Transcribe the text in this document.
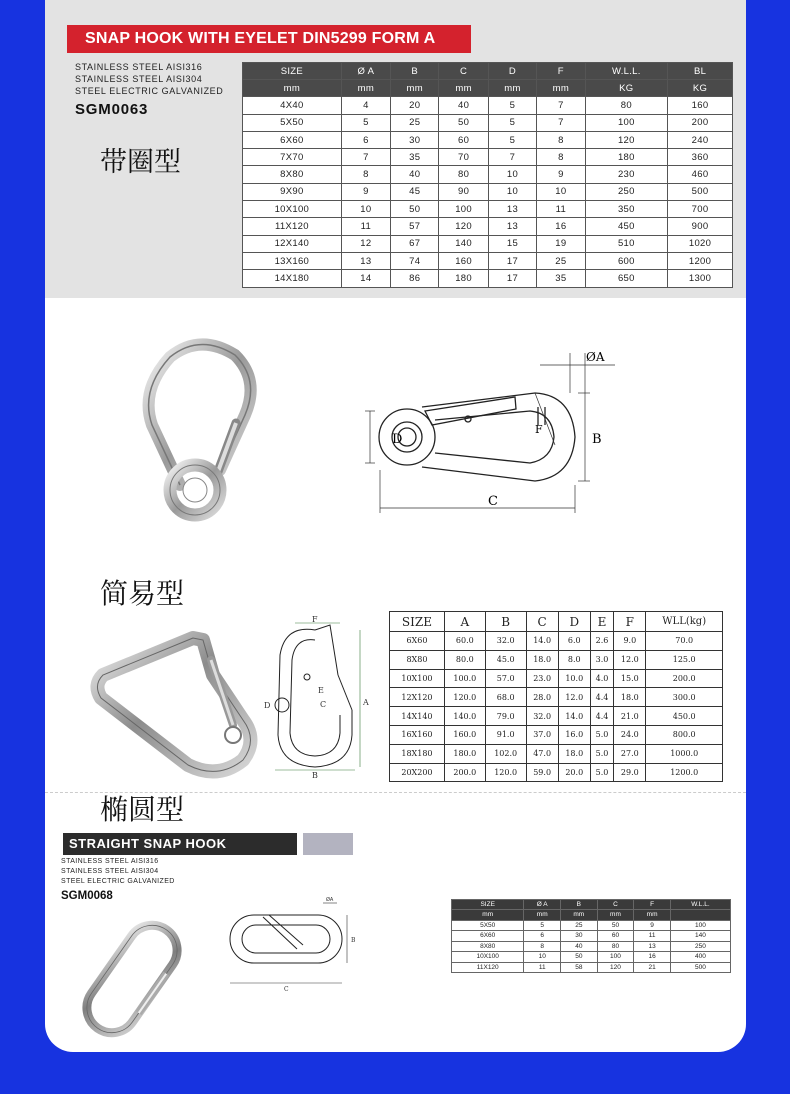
SNAP HOOK WITH EYELET DIN5299 FORM A
STAINLESS STEEL AISI316
STAINLESS STEEL AISI304
STEEL ELECTRIC GALVANIZED
SGM0063
带圈型
SIZE	Ø A	B	C	D	F	W.L.L.	BL
mm	mm	mm	mm	mm	mm	KG	KG
4X40	4	20	40	5	7	80	160
5X50	5	25	50	5	7	100	200
6X60	6	30	60	5	8	120	240
7X70	7	35	70	7	8	180	360
8X80	8	40	80	10	9	230	460
9X90	9	45	90	10	10	250	500
10X100	10	50	100	13	11	350	700
11X120	11	57	120	13	16	450	900
12X140	12	67	140	15	19	510	1020
13X160	13	74	160	17	25	600	1200
14X180	14	86	180	17	35	650	1300
D	B
C
ØA
F
简易型
F
E
C
D
B
A
SIZE	A	B	C	D	E	F	WLL(kg)
6X60	60.0	32.0	14.0	6.0	2.6	9.0	70.0
8X80	80.0	45.0	18.0	8.0	3.0	12.0	125.0
10X100	100.0	57.0	23.0	10.0	4.0	15.0	200.0
12X120	120.0	68.0	28.0	12.0	4.4	18.0	300.0
14X140	140.0	79.0	32.0	14.0	4.4	21.0	450.0
16X160	160.0	91.0	37.0	16.0	5.0	24.0	800.0
18X180	180.0	102.0	47.0	18.0	5.0	27.0	1000.0
20X200	200.0	120.0	59.0	20.0	5.0	29.0	1200.0
椭圆型
STRAIGHT SNAP HOOK
STAINLESS STEEL AISI316
STAINLESS STEEL AISI304
STEEL ELECTRIC GALVANIZED
SGM0068	ØA
B
C
SIZE	Ø A	B	C	F	W.L.L.
mm	mm	mm	mm	mm	
5X50	5	25	50	9	100
6X60	6	30	60	11	140
8X80	8	40	80	13	250
10X100	10	50	100	16	400
11X120	11	58	120	21	500
